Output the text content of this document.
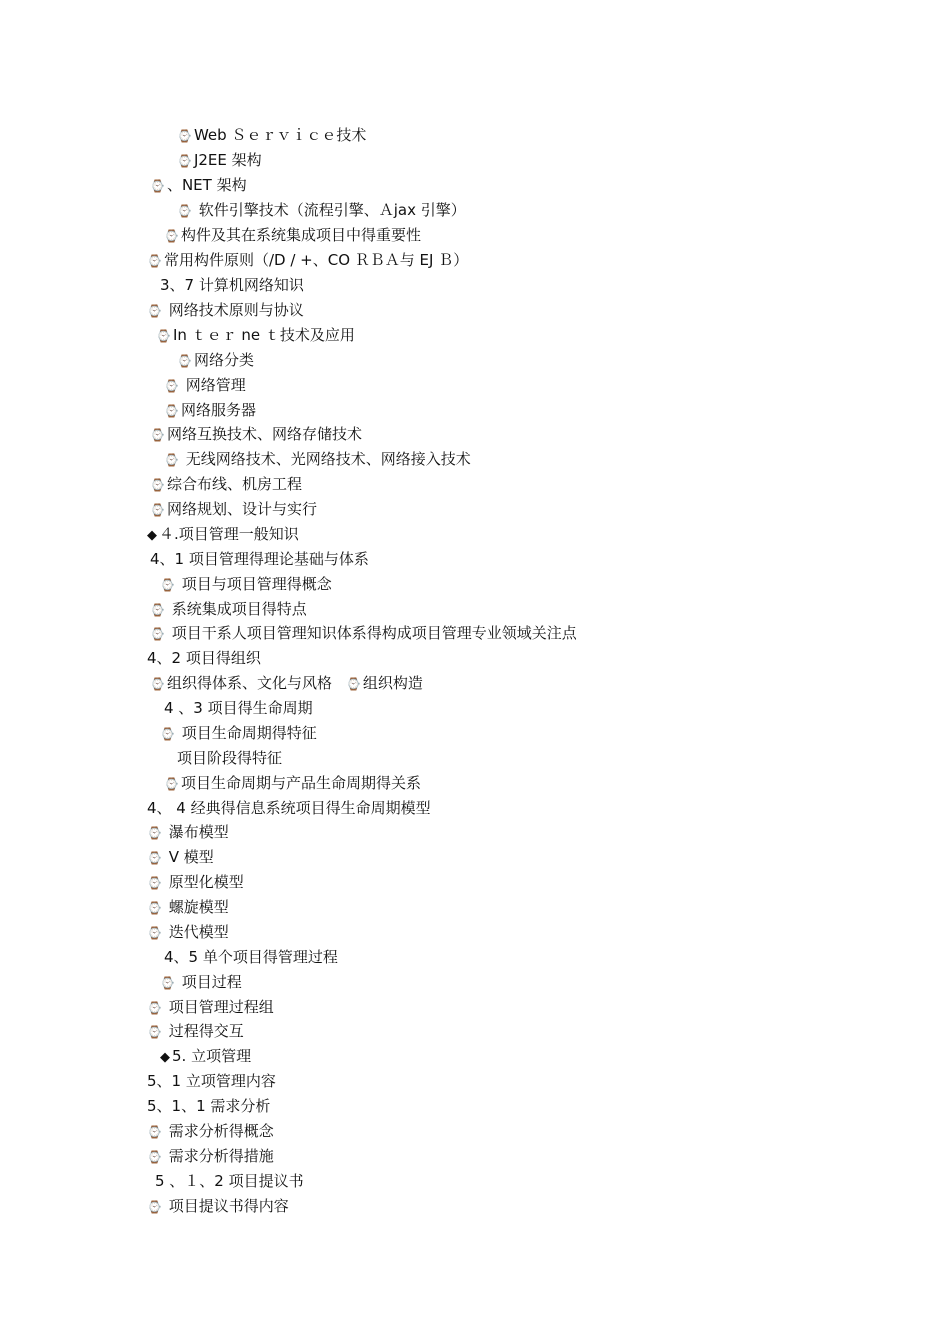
⌚ Web Ｓｅｒｖｉｃｅ技术
⌚ J2EE 架构
⌚ 、NET 架构
⌚ 软件引擎技术（流程引擎、Ａjax 引擎）
⌚ 构件及其在系统集成项目中得重要性
⌚ 常用构件原则（/D / +、CO ＲＢＡ与 EJ Ｂ）
3、7 计算机网络知识
⌚ 网络技术原则与协议
⌚ In ｔｅｒ ne ｔ技术及应用
⌚ 网络分类
⌚ 网络管理
⌚ 网络服务器
⌚ 网络互换技术、网络存储技术
⌚ 无线网络技术、光网络技术、网络接入技术
⌚ 综合布线、机房工程
⌚ 网络规划、设计与实行
◆ ４.项目管理一般知识
4、1 项目管理得理论基础与体系
⌚ 项目与项目管理得概念
⌚ 系统集成项目得特点
⌚ 项目干系人项目管理知识体系得构成项目管理专业领域关注点
4、2 项目得组织
⌚ 组织得体系、文化与风格 ⌚ 组织构造
4 、3 项目得生命周期
⌚ 项目生命周期得特征
项目阶段得特征
⌚ 项目生命周期与产品生命周期得关系
4、 4 经典得信息系统项目得生命周期模型
⌚ 瀑布模型
⌚ V 模型
⌚ 原型化模型
⌚ 螺旋模型
⌚ 迭代模型
4、5 单个项目得管理过程
⌚ 项目过程
⌚ 项目管理过程组
⌚ 过程得交互
◆ 5. 立项管理
5、1 立项管理内容
5、1、1 需求分析
⌚ 需求分析得概念
⌚ 需求分析得措施
5 、１、2 项目提议书
⌚ 项目提议书得内容
